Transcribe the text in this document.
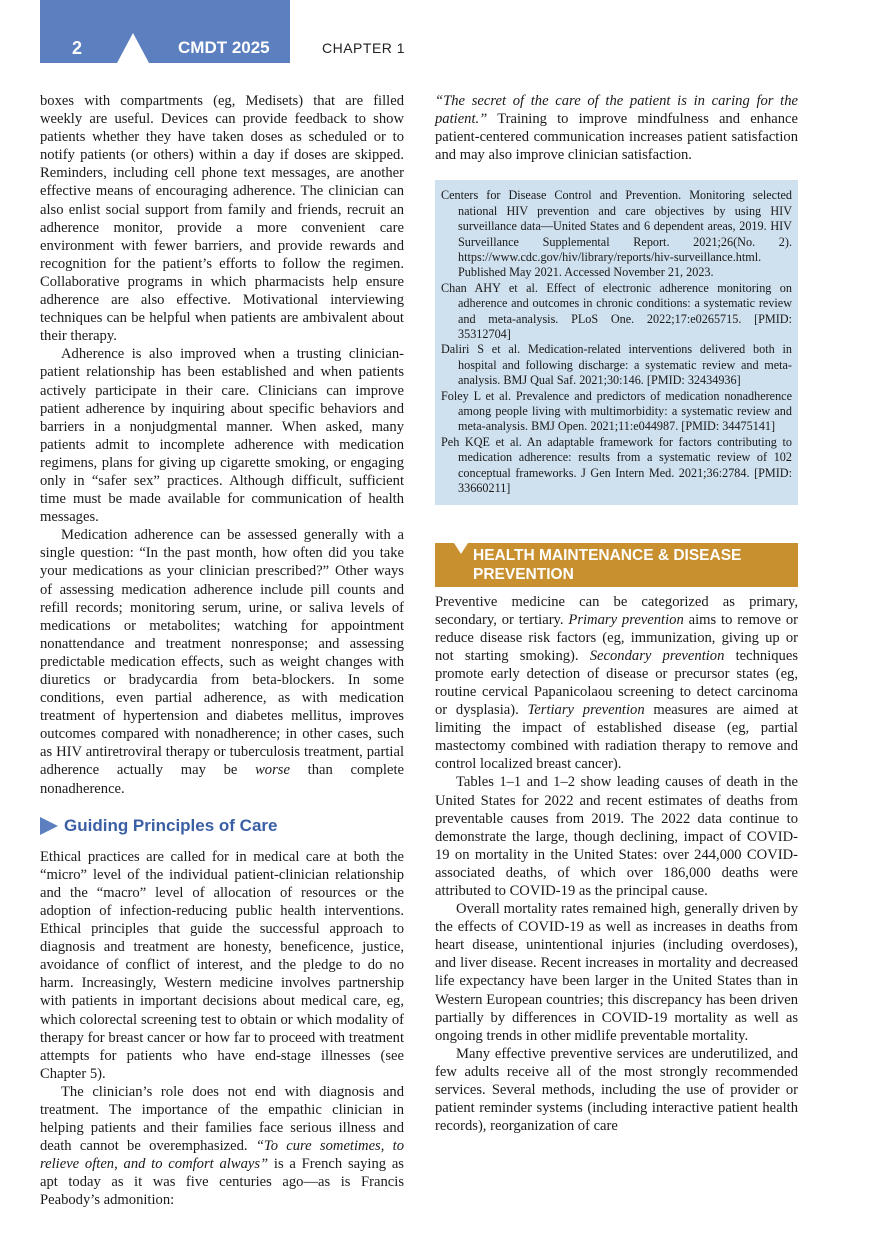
2	CMDT 2025	CHAPTER 1

boxes with compartments (eg, Medisets) that are filled weekly are useful. Devices can provide feedback to show patients whether they have taken doses as scheduled or to notify patients (or others) within a day if doses are skipped. Reminders, including cell phone text messages, are another effective means of encouraging adherence. The clinician can also enlist social support from family and friends, recruit an adherence monitor, provide a more convenient care environment with fewer barriers, and provide rewards and recognition for the patient’s efforts to follow the regimen. Collaborative programs in which pharmacists help ensure adherence are also effective. Motivational interviewing techniques can be helpful when patients are ambivalent about their therapy.

Adherence is also improved when a trusting clinician-patient relationship has been established and when patients actively participate in their care. Clinicians can improve patient adherence by inquiring about specific behaviors and barriers in a nonjudgmental manner. When asked, many patients admit to incomplete adherence with medication regimens, plans for giving up cigarette smoking, or engaging only in “safer sex” practices. Although difficult, sufficient time must be made available for communication of health messages.

Medication adherence can be assessed generally with a single question: “In the past month, how often did you take your medications as your clinician prescribed?” Other ways of assessing medication adherence include pill counts and refill records; monitoring serum, urine, or saliva levels of medications or metabolites; watching for appointment nonattendance and treatment nonresponse; and assessing predictable medication effects, such as weight changes with diuretics or bradycardia from beta-blockers. In some conditions, even partial adherence, as with medication treatment of hypertension and diabetes mellitus, improves outcomes compared with nonadherence; in other cases, such as HIV antiretroviral therapy or tuberculosis treatment, partial adherence actually may be worse than complete nonadherence.

Guiding Principles of Care

Ethical practices are called for in medical care at both the “micro” level of the individual patient-clinician relationship and the “macro” level of allocation of resources or the adoption of infection-reducing public health interventions. Ethical principles that guide the successful approach to diagnosis and treatment are honesty, beneficence, justice, avoidance of conflict of interest, and the pledge to do no harm. Increasingly, Western medicine involves partnership with patients in important decisions about medical care, eg, which colorectal screening test to obtain or which modality of therapy for breast cancer or how far to proceed with treatment attempts for patients who have end-stage illnesses (see Chapter 5).

The clinician’s role does not end with diagnosis and treatment. The importance of the empathic clinician in helping patients and their families face serious illness and death cannot be overemphasized. “To cure sometimes, to relieve often, and to comfort always” is a French saying as apt today as it was five centuries ago—as is Francis Peabody’s admonition:

“The secret of the care of the patient is in caring for the patient.” Training to improve mindfulness and enhance patient-centered communication increases patient satisfaction and may also improve clinician satisfaction.

Centers for Disease Control and Prevention. Monitoring selected national HIV prevention and care objectives by using HIV surveillance data—United States and 6 dependent areas, 2019. HIV Surveillance Supplemental Report. 2021;26(No. 2). https://www.cdc.gov/hiv/library/reports/hiv-surveillance.html. Published May 2021. Accessed November 21, 2023.

Chan AHY et al. Effect of electronic adherence monitoring on adherence and outcomes in chronic conditions: a systematic review and meta-analysis. PLoS One. 2022;17:e0265715. [PMID: 35312704]

Daliri S et al. Medication-related interventions delivered both in hospital and following discharge: a systematic review and meta-analysis. BMJ Qual Saf. 2021;30:146. [PMID: 32434936]

Foley L et al. Prevalence and predictors of medication nonadherence among people living with multimorbidity: a systematic review and meta-analysis. BMJ Open. 2021;11:e044987. [PMID: 34475141]

Peh KQE et al. An adaptable framework for factors contributing to medication adherence: results from a systematic review of 102 conceptual frameworks. J Gen Intern Med. 2021;36:2784. [PMID: 33660211]

HEALTH MAINTENANCE & DISEASE
PREVENTION

Preventive medicine can be categorized as primary, secondary, or tertiary. Primary prevention aims to remove or reduce disease risk factors (eg, immunization, giving up or not starting smoking). Secondary prevention techniques promote early detection of disease or precursor states (eg, routine cervical Papanicolaou screening to detect carcinoma or dysplasia). Tertiary prevention measures are aimed at limiting the impact of established disease (eg, partial mastectomy combined with radiation therapy to remove and control localized breast cancer).

Tables 1–1 and 1–2 show leading causes of death in the United States for 2022 and recent estimates of deaths from preventable causes from 2019. The 2022 data continue to demonstrate the large, though declining, impact of COVID-19 on mortality in the United States: over 244,000 COVID-associated deaths, of which over 186,000 deaths were attributed to COVID-19 as the principal cause.

Overall mortality rates remained high, generally driven by the effects of COVID-19 as well as increases in deaths from heart disease, unintentional injuries (including overdoses), and liver disease. Recent increases in mortality and decreased life expectancy have been larger in the United States than in Western European countries; this discrepancy has been driven partially by differences in COVID-19 mortality as well as ongoing trends in other midlife preventable mortality.

Many effective preventive services are underutilized, and few adults receive all of the most strongly recommended services. Several methods, including the use of provider or patient reminder systems (including interactive patient health records), reorganization of care
